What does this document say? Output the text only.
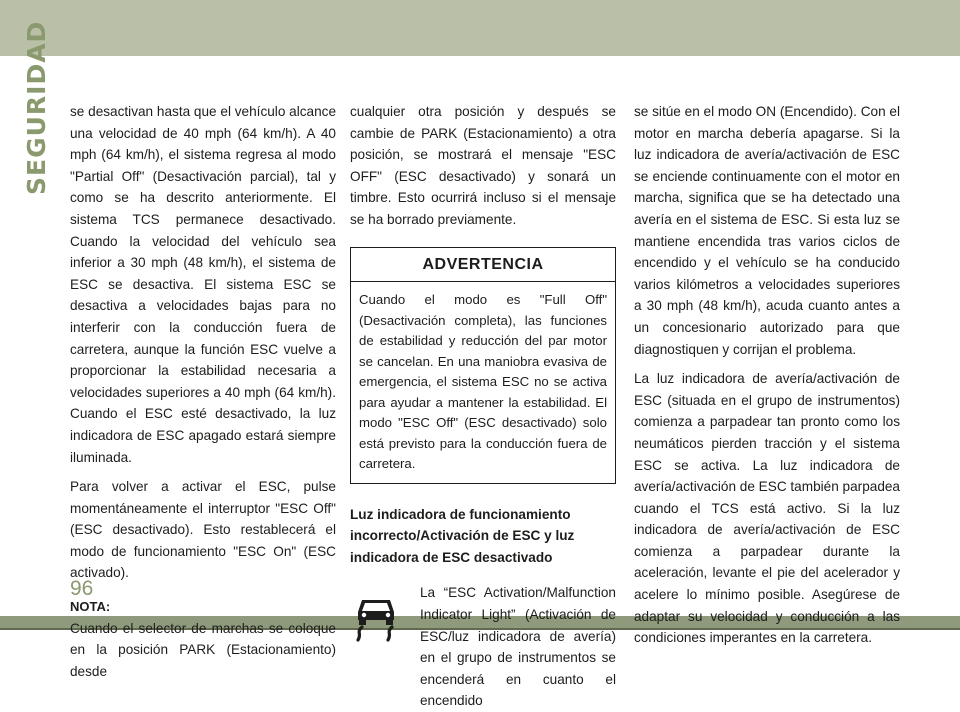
SEGURIDAD se desactivan hasta que el vehículo alcance una velocidad de 40 mph (64 km/h). A 40 mph (64 km/h), el sistema regresa al modo "Partial Off" (Desactivación parcial), tal y como se ha descrito anteriormente. El sistema TCS permanece desactivado. Cuando la velocidad del vehículo sea inferior a 30 mph (48 km/h), el sistema de ESC se desactiva. El sistema ESC se desactiva a velocidades bajas para no interferir con la conducción fuera de carretera, aunque la función ESC vuelve a proporcionar la estabilidad necesaria a velocidades superiores a 40 mph (64 km/h). Cuando el ESC esté desactivado, la luz indicadora de ESC apagado estará siempre iluminada.

Para volver a activar el ESC, pulse momentáneamente el interruptor "ESC Off" (ESC desactivado). Esto restablecerá el modo de funcionamiento "ESC On" (ESC activado).

NOTA:

Cuando el selector de marchas se coloque en la posición PARK (Estacionamiento) desde

cualquier otra posición y después se cambie de PARK (Estacionamiento) a otra posición, se mostrará el mensaje "ESC OFF" (ESC desactivado) y sonará un timbre. Esto ocurrirá incluso si el mensaje se ha borrado previamente.

ADVERTENCIA
Cuando el modo es "Full Off" (Desactivación completa), las funciones de estabilidad y reducción del par motor se cancelan. En una maniobra evasiva de emergencia, el sistema ESC no se activa para ayudar a mantener la estabilidad. El modo "ESC Off" (ESC desactivado) solo está previsto para la conducción fuera de carretera.
Luz indicadora de funcionamiento incorrecto/Activación de ESC y luz indicadora de ESC desactivado
La “ESC Activation/Malfunction Indicator Light” (Activación de ESC/luz indicadora de avería) en el grupo de instrumentos se encenderá en cuanto el encendido

se sitúe en el modo ON (Encendido). Con el motor en marcha debería apagarse. Si la luz indicadora de avería/activación de ESC se enciende continuamente con el motor en marcha, significa que se ha detectado una avería en el sistema de ESC. Si esta luz se mantiene encendida tras varios ciclos de encendido y el vehículo se ha conducido varios kilómetros a velocidades superiores a 30 mph (48 km/h), acuda cuanto antes a un concesionario autorizado para que diagnostiquen y corrijan el problema.

La luz indicadora de avería/activación de ESC (situada en el grupo de instrumentos) comienza a parpadear tan pronto como los neumáticos pierden tracción y el sistema ESC se activa. La luz indicadora de avería/activación de ESC también parpadea cuando el TCS está activo. Si la luz indicadora de avería/activación de ESC comienza a parpadear durante la aceleración, levante el pie del acelerador y acelere lo mínimo posible. Asegúrese de adaptar su velocidad y conducción a las condiciones imperantes en la carretera.

96
